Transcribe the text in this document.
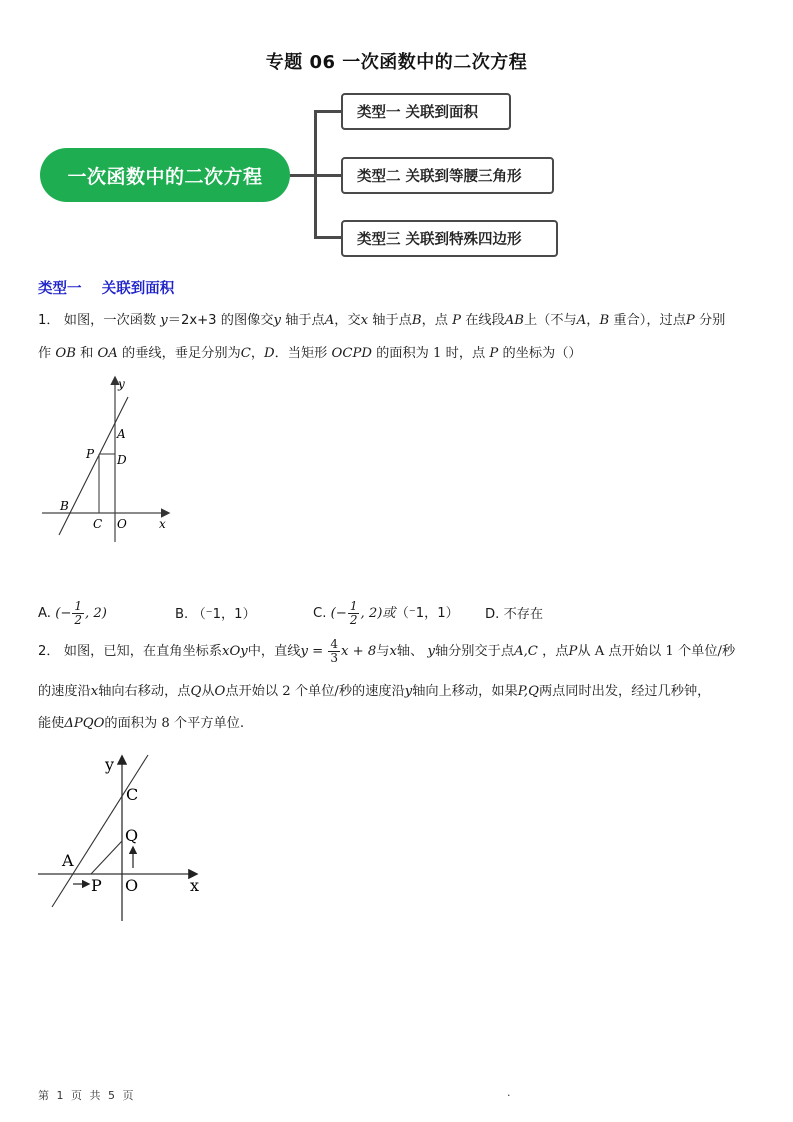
专题 06 一次函数中的二次方程
一次函数中的二次方程
类型一 关联到面积
类型二 关联到等腰三角形
类型三 关联到特殊四边形
类型一    关联到面积
1． 如图，一次函数 y＝2x+3 的图像交y 轴于点A，交x 轴于点B，点 P 在线段AB上（不与A，B 重合），过点P 分别
作 OB 和 OA 的垂线，垂足分别为C，D．当矩形 OCPD 的面积为 1 时，点 P 的坐标为（）
y
A
P D
B
C O	x
A. (− $\frac{1}{2}$ , 2)	B. （⁻1，1）	C. (− $\frac{1}{2}$ , 2)或（⁻1，1） D. 不存在
2． 如图，已知，在直角坐标系xOy中，直线$y = \frac{4}{3}$ x + 8与x轴、 y轴分别交于点A,C ，点P从 A 点开始以 1 个单位/秒
的速度沿x轴向右移动，点Q从O点开始以 2 个单位/秒的速度沿y轴向上移动，如果P,Q两点同时出发，经过几秒钟，
能使ΔPQO的面积为 8 个平方单位.
y
C
Q
A
P O	x
第 1 页 共 5 页	.
